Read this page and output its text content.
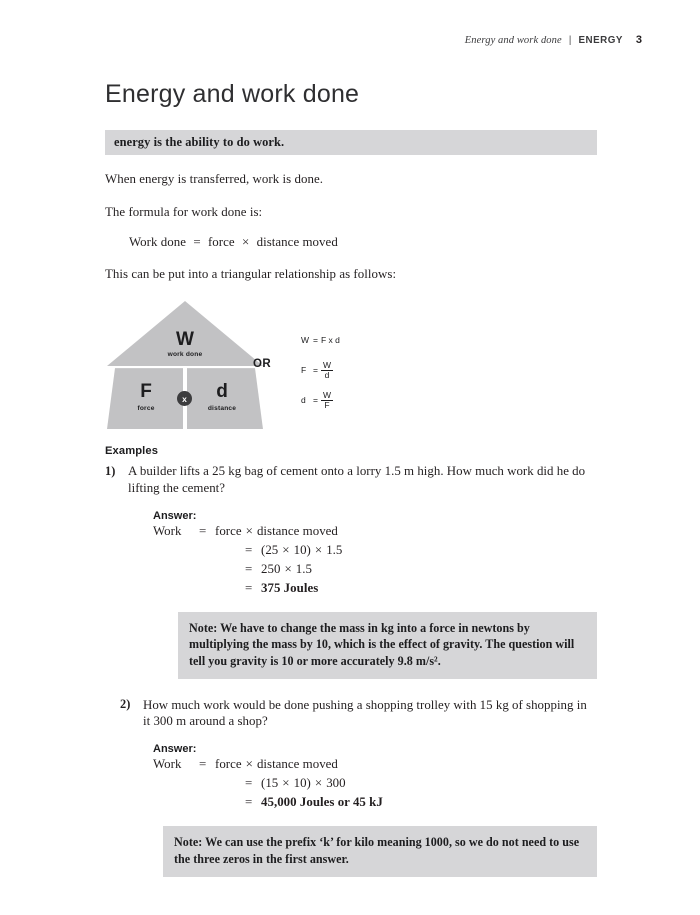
Energy and work done | ENERGY 3
Energy and work done
energy is the ability to do work.

When energy is transferred, work is done.

The formula for work done is:

Work done = force × distance moved

This can be put into a triangular relationship as follows:

W
work done
F
force
d
distance
x
OR
W = F x d
$F = \frac{W}{d}$
$d = \frac{W}{F}$
Examples
1) A builder lifts a 25 kg bag of cement onto a lorry 1.5 m high. How much work did he do lifting the cement?
Answer:
Work	= force × distance moved
= (25 × 10) × 1.5
= 250 × 1.5
= 375 Joules
Note: We have to change the mass in kg into a force in newtons by multiplying the mass by 10, which is the effect of gravity. The question will tell you gravity is 10 or more accurately 9.8 m/s².
2) How much work would be done pushing a shopping trolley with 15 kg of shopping in it 300 m around a shop?
Answer:
Work	= force × distance moved
= (15 × 10) × 300
= 45,000 Joules or 45 kJ
Note: We can use the prefix ‘k’ for kilo meaning 1000, so we do not need to use the three zeros in the first answer.
